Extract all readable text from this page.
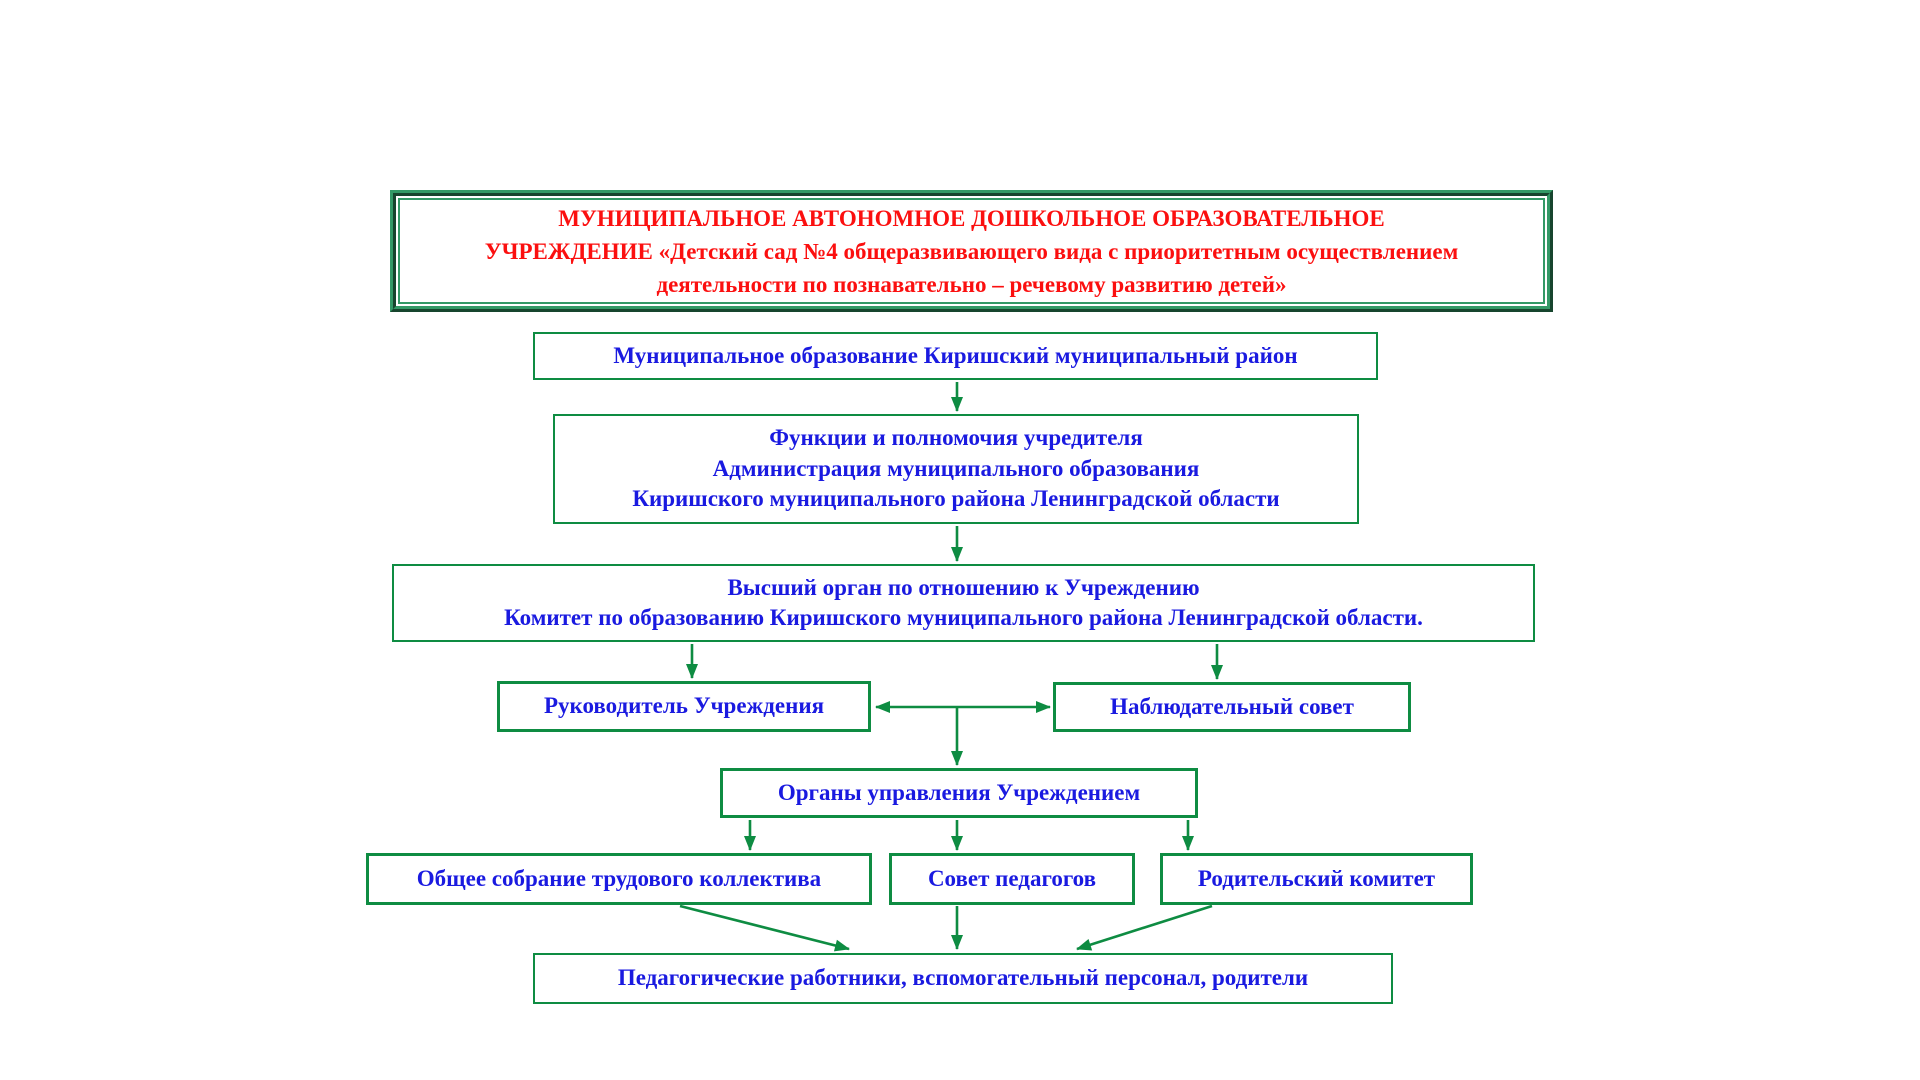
МУНИЦИПАЛЬНОЕ АВТОНОМНОЕ ДОШКОЛЬНОЕ ОБРАЗОВАТЕЛЬНОЕ
УЧРЕЖДЕНИЕ «Детский сад №4 общеразвивающего вида с приоритетным осуществлением
деятельности по познавательно – речевому развитию детей»
Муниципальное образование Киришский муниципальный район
Функции и полномочия учредителя
Администрация муниципального образования
Киришского муниципального района Ленинградской области
Высший орган по отношению к Учреждению
Комитет по образованию Киришского муниципального района Ленинградской области.
Руководитель Учреждения	Наблюдательный совет
Органы управления Учреждением
Общее собрание трудового коллектива	Совет педагогов	Родительский комитет
Педагогические работники, вспомогательный персонал, родители
